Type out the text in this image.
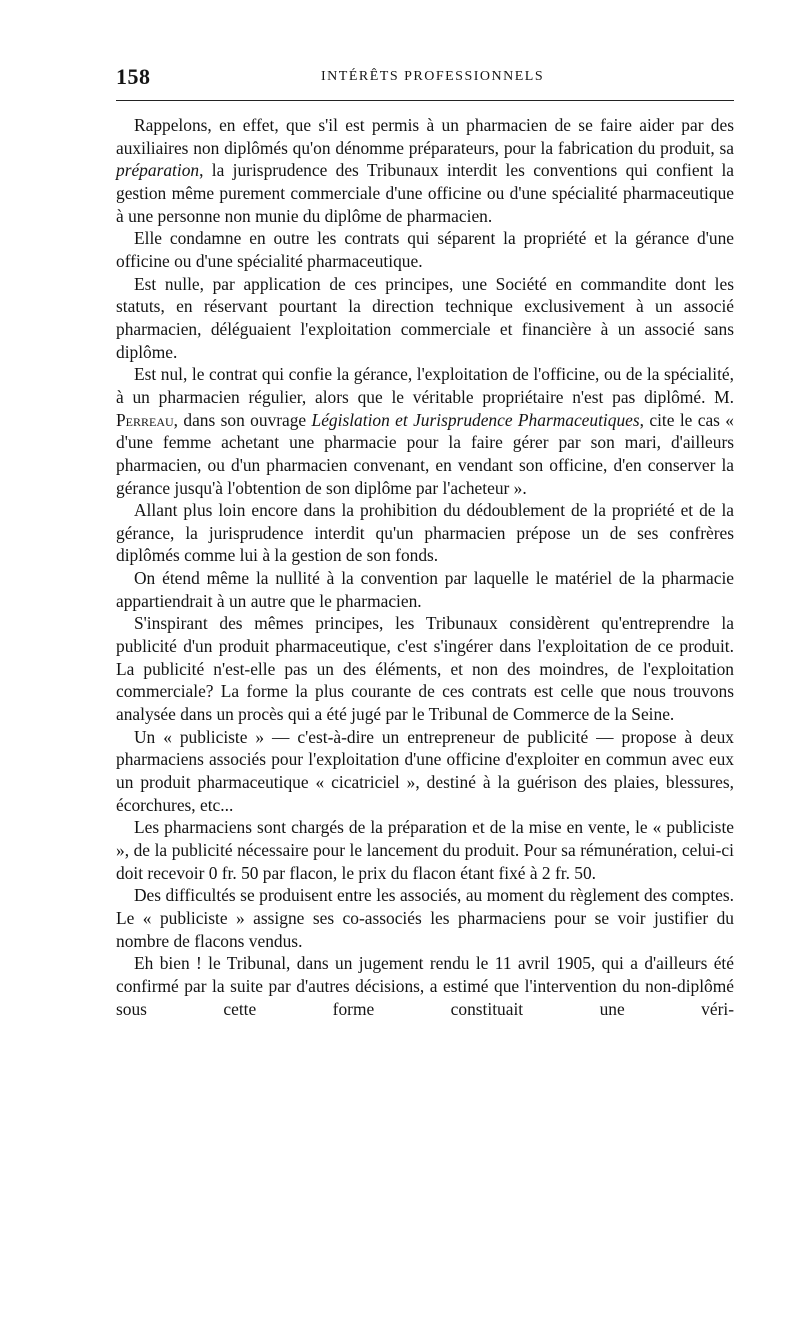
158	INTÉRÊTS PROFESSIONNELS

Rappelons, en effet, que s'il est permis à un pharmacien de se faire aider par des auxiliaires non diplômés qu'on dénomme préparateurs, pour la fabrication du produit, sa préparation, la jurisprudence des Tribunaux interdit les conventions qui confient la gestion même purement commerciale d'une officine ou d'une spécialité pharmaceutique à une personne non munie du diplôme de pharmacien.

Elle condamne en outre les contrats qui séparent la propriété et la gérance d'une officine ou d'une spécialité pharmaceutique.

Est nulle, par application de ces principes, une Société en commandite dont les statuts, en réservant pourtant la direction technique exclusivement à un associé pharmacien, déléguaient l'exploitation commerciale et financière à un associé sans diplôme.

Est nul, le contrat qui confie la gérance, l'exploitation de l'officine, ou de la spécialité, à un pharmacien régulier, alors que le véritable propriétaire n'est pas diplômé. M. Perreau, dans son ouvrage Législation et Jurisprudence Pharmaceutiques, cite le cas « d'une femme achetant une pharmacie pour la faire gérer par son mari, d'ailleurs pharmacien, ou d'un pharmacien convenant, en vendant son officine, d'en conserver la gérance jusqu'à l'obtention de son diplôme par l'acheteur ».

Allant plus loin encore dans la prohibition du dédoublement de la propriété et de la gérance, la jurisprudence interdit qu'un pharmacien prépose un de ses confrères diplômés comme lui à la gestion de son fonds.

On étend même la nullité à la convention par laquelle le matériel de la pharmacie appartiendrait à un autre que le pharmacien.

S'inspirant des mêmes principes, les Tribunaux considèrent qu'entreprendre la publicité d'un produit pharmaceutique, c'est s'ingérer dans l'exploitation de ce produit. La publicité n'est-elle pas un des éléments, et non des moindres, de l'exploitation commerciale? La forme la plus courante de ces contrats est celle que nous trouvons analysée dans un procès qui a été jugé par le Tribunal de Commerce de la Seine.

Un « publiciste » — c'est-à-dire un entrepreneur de publicité — propose à deux pharmaciens associés pour l'exploitation d'une officine d'exploiter en commun avec eux un produit pharmaceutique « cicatriciel », destiné à la guérison des plaies, blessures, écorchures, etc...

Les pharmaciens sont chargés de la préparation et de la mise en vente, le « publiciste », de la publicité nécessaire pour le lancement du produit. Pour sa rémunération, celui-ci doit recevoir 0 fr. 50 par flacon, le prix du flacon étant fixé à 2 fr. 50.

Des difficultés se produisent entre les associés, au moment du règlement des comptes. Le « publiciste » assigne ses co-associés les pharmaciens pour se voir justifier du nombre de flacons vendus.

Eh bien ! le Tribunal, dans un jugement rendu le 11 avril 1905, qui a d'ailleurs été confirmé par la suite par d'autres décisions, a estimé que l'intervention du non-diplômé sous cette forme constituait une véri-
